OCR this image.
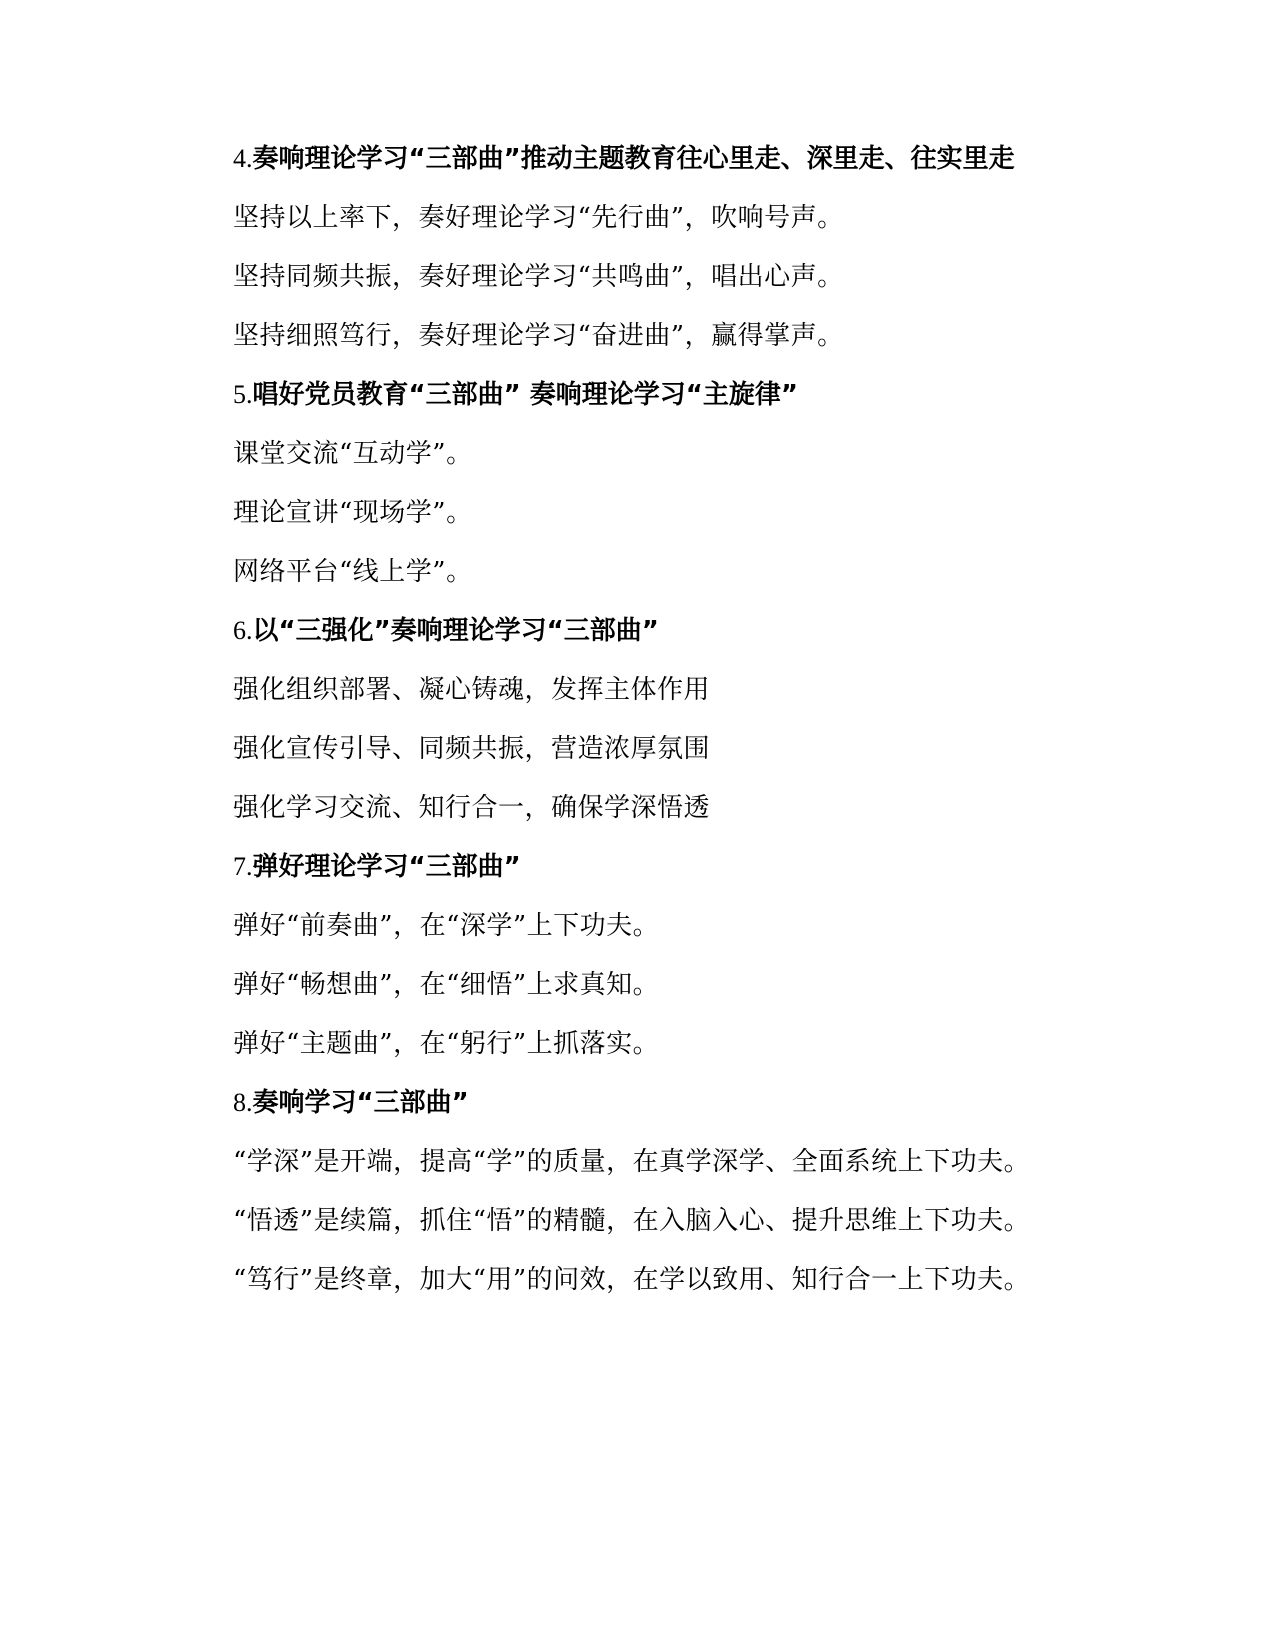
4.奏响理论学习“三部曲”推动主题教育往心里走、深里走、往实里走

坚持以上率下，奏好理论学习“先行曲”，吹响号声。

坚持同频共振，奏好理论学习“共鸣曲”，唱出心声。

坚持细照笃行，奏好理论学习“奋进曲”，赢得掌声。

5.唱好党员教育“三部曲” 奏响理论学习“主旋律”

课堂交流“互动学”。

理论宣讲“现场学”。

网络平台“线上学”。

6.以“三强化”奏响理论学习“三部曲”

强化组织部署、凝心铸魂，发挥主体作用

强化宣传引导、同频共振，营造浓厚氛围

强化学习交流、知行合一，确保学深悟透

7.弹好理论学习“三部曲”

弹好“前奏曲”，在“深学”上下功夫。

弹好“畅想曲”，在“细悟”上求真知。

弹好“主题曲”，在“躬行”上抓落实。

8.奏响学习“三部曲”

“学深”是开端，提高“学”的质量，在真学深学、全面系统上下功夫。

“悟透”是续篇，抓住“悟”的精髓，在入脑入心、提升思维上下功夫。

“笃行”是终章，加大“用”的问效，在学以致用、知行合一上下功夫。
